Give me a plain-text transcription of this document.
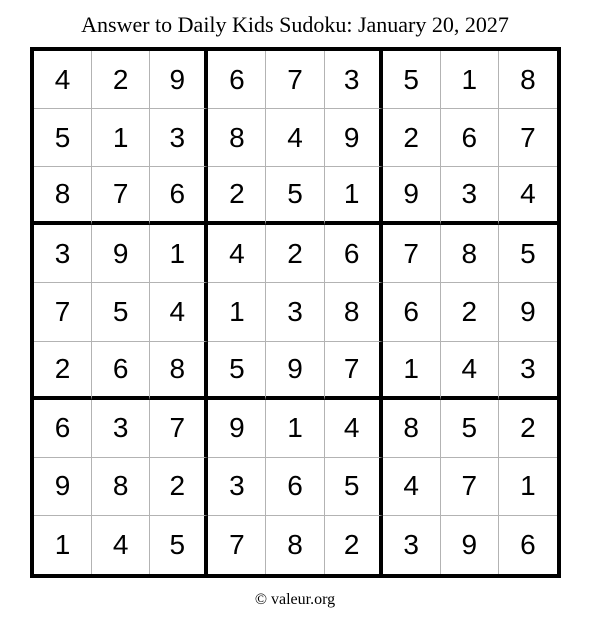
Answer to Daily Kids Sudoku: January 20, 2027
4	2	9	6	7	3	5	1	8
5	1	3	8	4	9	2	6	7
8	7	6	2	5	1	9	3	4
3	9	1	4	2	6	7	8	5
7	5	4	1	3	8	6	2	9
2	6	8	5	9	7	1	4	3
6	3	7	9	1	4	8	5	2
9	8	2	3	6	5	4	7	1
1	4	5	7	8	2	3	9	6
© valeur.org
